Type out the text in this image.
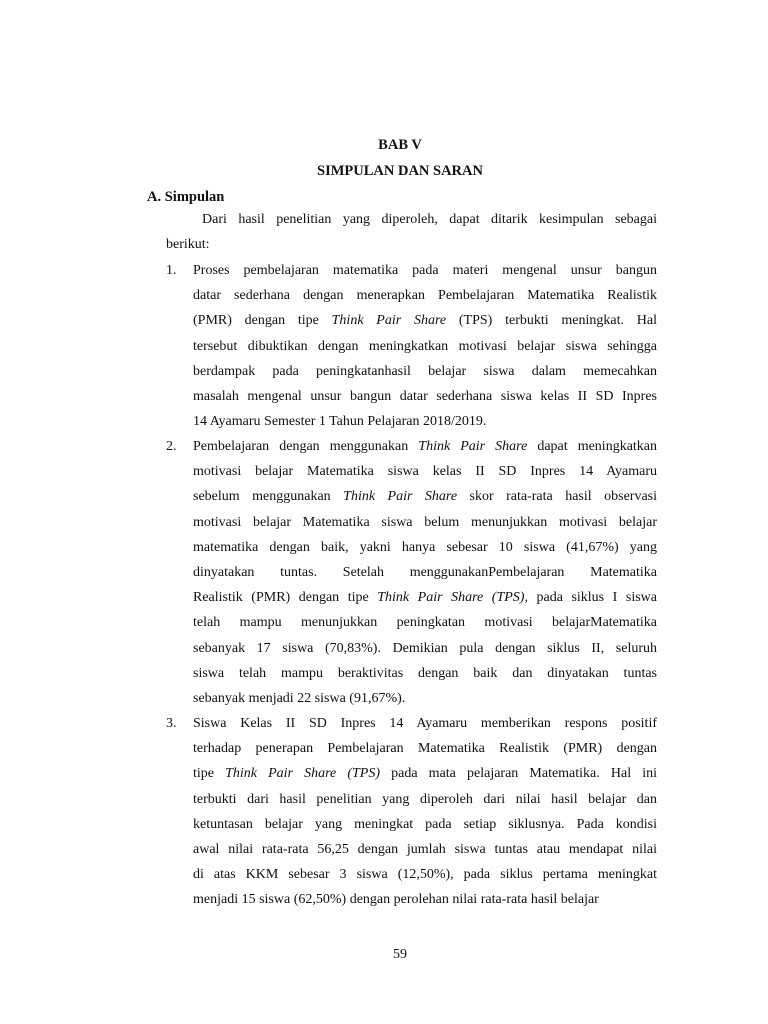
BAB V
SIMPULAN DAN SARAN
A. Simpulan
Dari hasil penelitian yang diperoleh, dapat ditarik kesimpulan sebagai
berikut:
1.	Proses pembelajaran matematika pada materi mengenal unsur bangun
datar sederhana dengan menerapkan Pembelajaran Matematika Realistik
(PMR) dengan tipe Think Pair Share (TPS) terbukti meningkat. Hal
tersebut dibuktikan dengan meningkatkan motivasi belajar siswa sehingga
berdampak pada peningkatanhasil belajar siswa dalam memecahkan
masalah mengenal unsur bangun datar sederhana siswa kelas II SD Inpres
14 Ayamaru Semester 1 Tahun Pelajaran 2018/2019.
2.	Pembelajaran dengan menggunakan Think Pair Share dapat meningkatkan
motivasi belajar Matematika siswa kelas II SD Inpres 14 Ayamaru
sebelum menggunakan Think Pair Share skor rata-rata hasil observasi
motivasi belajar Matematika siswa belum menunjukkan motivasi belajar
matematika dengan baik, yakni hanya sebesar 10 siswa (41,67%) yang
dinyatakan tuntas. Setelah menggunakanPembelajaran Matematika
Realistik (PMR) dengan tipe Think Pair Share (TPS), pada siklus I siswa
telah mampu menunjukkan peningkatan motivasi belajarMatematika
sebanyak 17 siswa (70,83%). Demikian pula dengan siklus II, seluruh
siswa telah mampu beraktivitas dengan baik dan dinyatakan tuntas
sebanyak menjadi 22 siswa (91,67%).
3.	Siswa Kelas II SD Inpres 14 Ayamaru memberikan respons positif
terhadap penerapan Pembelajaran Matematika Realistik (PMR) dengan
tipe Think Pair Share (TPS) pada mata pelajaran Matematika. Hal ini
terbukti dari hasil penelitian yang diperoleh dari nilai hasil belajar dan
ketuntasan belajar yang meningkat pada setiap siklusnya. Pada kondisi
awal nilai rata-rata 56,25 dengan jumlah siswa tuntas atau mendapat nilai
di atas KKM sebesar 3 siswa (12,50%), pada siklus pertama meningkat
menjadi 15 siswa (62,50%) dengan perolehan nilai rata-rata hasil belajar
59
